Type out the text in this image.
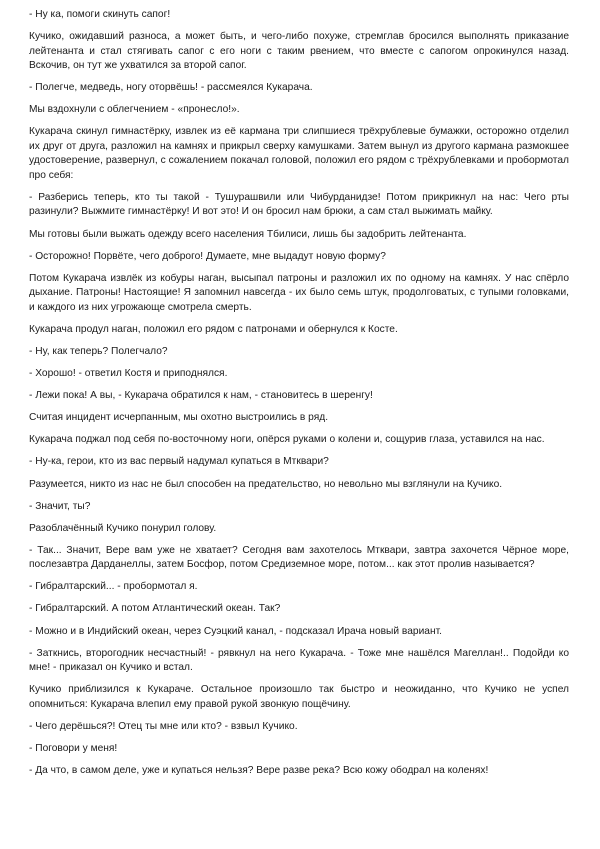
- Ну ка, помоги скинуть сапог!

Кучико, ожидавший разноса, а может быть, и чего-либо похуже, стремглав бросился выполнять приказание лейтенанта и стал стягивать сапог с его ноги с таким рвением, что вместе с сапогом опрокинулся назад. Вскочив, он тут же ухватился за второй сапог.

- Полегче, медведь, ногу оторвёшь! - рассмеялся Кукарача.

Мы вздохнули с облегчением - «пронесло!».

Кукарача скинул гимнастёрку, извлек из её кармана три слипшиеся трёхрублевые бумажки, осторожно отделил их друг от друга, разложил на камнях и прикрыл сверху камушками. Затем вынул из другого кармана размокшее удостоверение, развернул, с сожалением покачал головой, положил его рядом с трёхрублевками и пробормотал про себя:

- Разберись теперь, кто ты такой - Тушурашвили или Чибурданидзе! Потом прикрикнул на нас: Чего рты разинули? Выжмите гимнастёрку! И вот это! И он бросил нам брюки, а сам стал выжимать майку.

Мы готовы были выжать одежду всего населения Тбилиси, лишь бы задобрить лейтенанта.

- Осторожно! Порвёте, чего доброго! Думаете, мне выдадут новую форму?

Потом Кукарача извлёк из кобуры наган, высыпал патроны и разложил их по одному на камнях. У нас спёрло дыхание. Патроны! Настоящие! Я запомнил навсегда - их было семь штук, продолговатых, с тупыми головками, и каждого из них угрожающе смотрела смерть.

Кукарача продул наган, положил его рядом с патронами и обернулся к Косте.

- Ну, как теперь? Полегчало?

- Хорошо! - ответил Костя и приподнялся.

- Лежи пока! А вы, - Кукарача обратился к нам, - становитесь в шеренгу!

Считая инцидент исчерпанным, мы охотно выстроились в ряд.

Кукарача поджал под себя по-восточному ноги, опёрся руками о колени и, сощурив глаза, уставился на нас.

- Ну-ка, герои, кто из вас первый надумал купаться в Мтквари?

Разумеется, никто из нас не был способен на предательство, но невольно мы взглянули на Кучико.

- Значит, ты?

Разоблачённый Кучико понурил голову.

- Так... Значит, Вере вам уже не хватает? Сегодня вам захотелось Мтквари, завтра захочется Чёрное море, послезавтра Дарданеллы, затем Босфор, потом Средиземное море, потом... как этот пролив называется?

- Гибралтарский... - пробормотал я.

- Гибралтарский. А потом Атлантический океан. Так?

- Можно и в Индийский океан, через Суэцкий канал, - подсказал Ирача новый вариант.

- Заткнись, второгодник несчастный! - рявкнул на него Кукарача. - Тоже мне нашёлся Магеллан!.. Подойди ко мне! - приказал он Кучико и встал.

Кучико приблизился к Кукараче. Остальное произошло так быстро и неожиданно, что Кучико не успел опомниться: Кукарача влепил ему правой рукой звонкую пощёчину.

- Чего дерёшься?! Отец ты мне или кто? - взвыл Кучико.

- Поговори у меня!

- Да что, в самом деле, уже и купаться нельзя? Вере разве река? Всю кожу ободрал на коленях!
